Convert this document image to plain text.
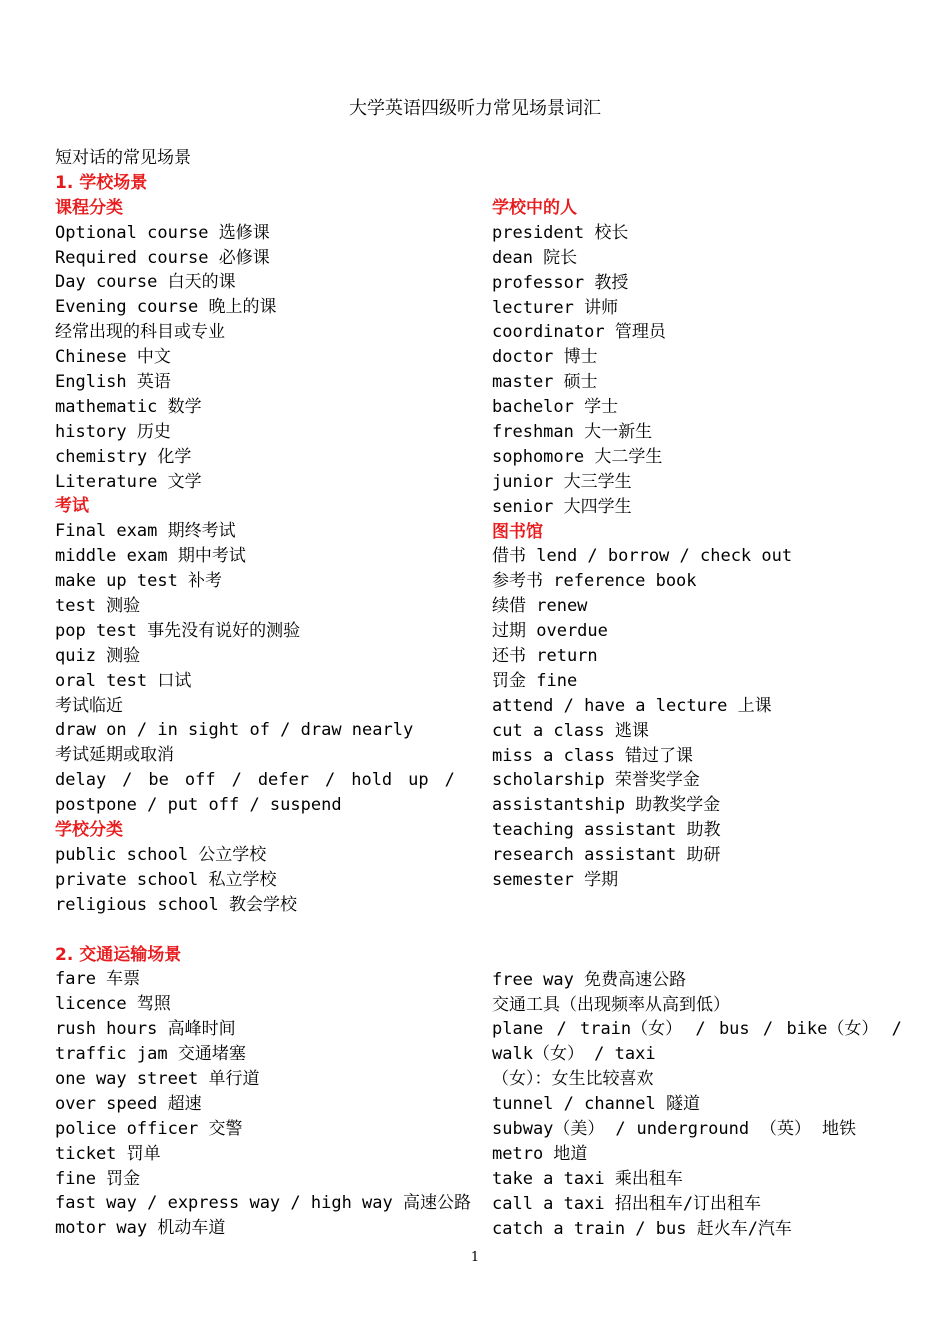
大学英语四级听力常见场景词汇
短对话的常见场景
1. 学校场景
课程分类
Optional course 选修课
Required course 必修课
Day course 白天的课
Evening course 晚上的课
经常出现的科目或专业
Chinese 中文
English 英语
mathematic 数学
history 历史
chemistry 化学
Literature 文学
考试
Final exam 期终考试
middle exam 期中考试
make up test 补考
test 测验
pop test 事先没有说好的测验
quiz 测验
oral test 口试
考试临近
draw on / in sight of / draw nearly
考试延期或取消
delay / be off / defer / hold up /
postpone / put off / suspend
学校分类
public school 公立学校
private school 私立学校
religious school 教会学校
2. 交通运输场景
fare 车票
licence 驾照
rush hours 高峰时间
traffic jam 交通堵塞
one way street 单行道
over speed 超速
police officer 交警
ticket 罚单
fine 罚金
fast way / express way / high way 高速公路
motor way 机动车道
学校中的人
president 校长
dean 院长
professor 教授
lecturer 讲师
coordinator 管理员
doctor 博士
master 硕士
bachelor 学士
freshman 大一新生
sophomore 大二学生
junior 大三学生
senior 大四学生
图书馆
借书 lend / borrow / check out
参考书 reference book
续借 renew
过期 overdue
还书 return
罚金 fine
attend / have a lecture 上课
cut a class 逃课
miss a class 错过了课
scholarship 荣誉奖学金
assistantship 助教奖学金
teaching assistant 助教
research assistant 助研
semester 学期
free way 免费高速公路
交通工具（出现频率从高到低）
plane / train（女） / bus / bike（女） /
walk（女） / taxi
（女）：女生比较喜欢
tunnel / channel 隧道
subway（美） / underground （英） 地铁
metro 地道
take a taxi 乘出租车
call a taxi 招出租车/订出租车
catch a train / bus 赶火车/汽车
1
